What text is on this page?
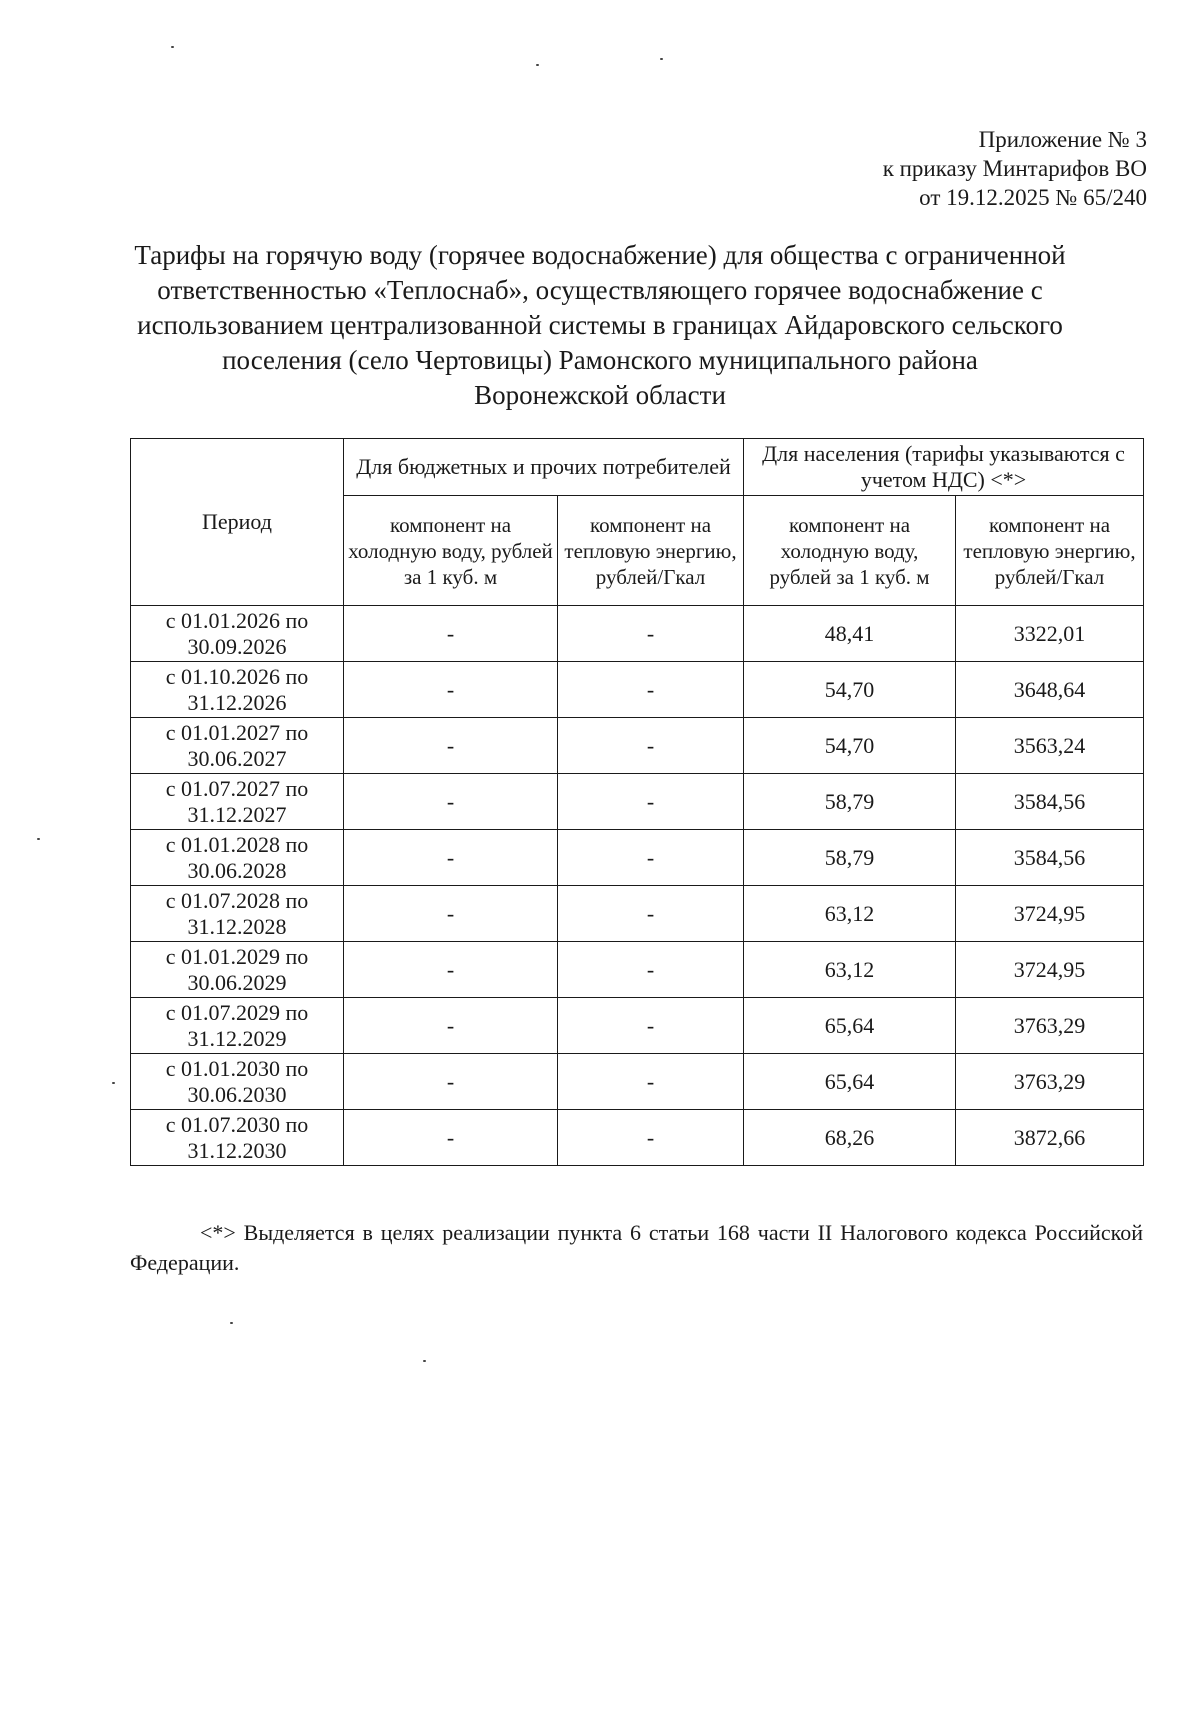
Приложение № 3
к приказу Минтарифов ВО
от 19.12.2025 № 65/240
Тарифы на горячую воду (горячее водоснабжение) для общества с ограниченной
ответственностью «Теплоснаб», осуществляющего горячее водоснабжение с
использованием централизованной системы в границах Айдаровского сельского
поселения (село Чертовицы) Рамонского муниципального района
Воронежской области
Период	Для бюджетных и прочих потребителей		Для населения (тарифы указываются с учетом НДС) <*>	
	компонент на холодную воду, рублей за 1 куб. м	компонент на тепловую энергию, рублей/Гкал	компонент на холодную воду, рублей за 1 куб. м	компонент на тепловую энергию, рублей/Гкал
с 01.01.2026 по 30.09.2026	-	-	48,41	3322,01
с 01.10.2026 по 31.12.2026	-	-	54,70	3648,64
с 01.01.2027 по 30.06.2027	-	-	54,70	3563,24
с 01.07.2027 по 31.12.2027	-	-	58,79	3584,56
с 01.01.2028 по 30.06.2028	-	-	58,79	3584,56
с 01.07.2028 по 31.12.2028	-	-	63,12	3724,95
с 01.01.2029 по 30.06.2029	-	-	63,12	3724,95
с 01.07.2029 по 31.12.2029	-	-	65,64	3763,29
с 01.01.2030 по 30.06.2030	-	-	65,64	3763,29
с 01.07.2030 по 31.12.2030	-	-	68,26	3872,66
<*> Выделяется в целях реализации пункта 6 статьи 168 части II Налогового кодекса Российской Федерации.
